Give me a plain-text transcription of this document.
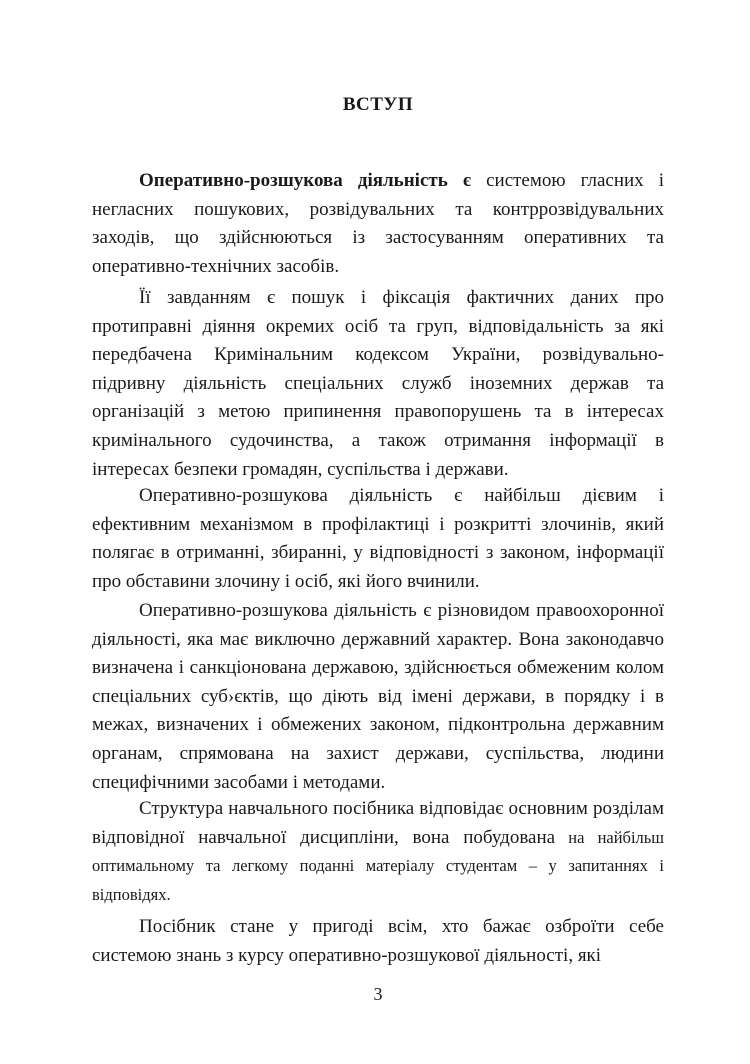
ВСТУП

Оперативно-розшукова діяльність є системою гласних і негласних пошукових, розвідувальних та контррозвідувальних заходів, що здійснюються із застосуванням оперативних та оперативно-технічних засобів.

Її завданням є пошук і фіксація фактичних даних про протиправні діяння окремих осіб та груп, відповідальність за які передбачена Кримінальним кодексом України, розвідувально-підривну діяльність спеціальних служб іноземних держав та організацій з метою припинення правопорушень та в інтересах кримінального судочинства, а також отримання інформації в інтересах безпеки громадян, суспільства і держави.

Оперативно-розшукова діяльність є найбільш дієвим і ефективним механізмом в профілактиці і розкритті злочинів, який полягає в отриманні, збиранні, у відповідності з законом, інформації про обставини злочину і осіб, які його вчинили.

Оперативно-розшукова діяльність є різновидом правоохоронної діяльності, яка має виключно державний характер. Вона законодавчо визначена і санкціонована державою, здійснюється обмеженим колом спеціальних суб›єктів, що діють від імені держави, в порядку і в межах, визначених і обмежених законом, підконтрольна державним органам, спрямована на захист держави, суспільства, людини специфічними засобами і методами.

Структура навчального посібника відповідає основним розділам відповідної навчальної дисципліни, вона побудована на найбільш оптимальному та легкому поданні матеріалу студентам – у запитаннях і відповідях.

Посібник стане у пригоді всім, хто бажає озброїти себе системою знань з курсу оперативно-розшукової діяльності, які

3
